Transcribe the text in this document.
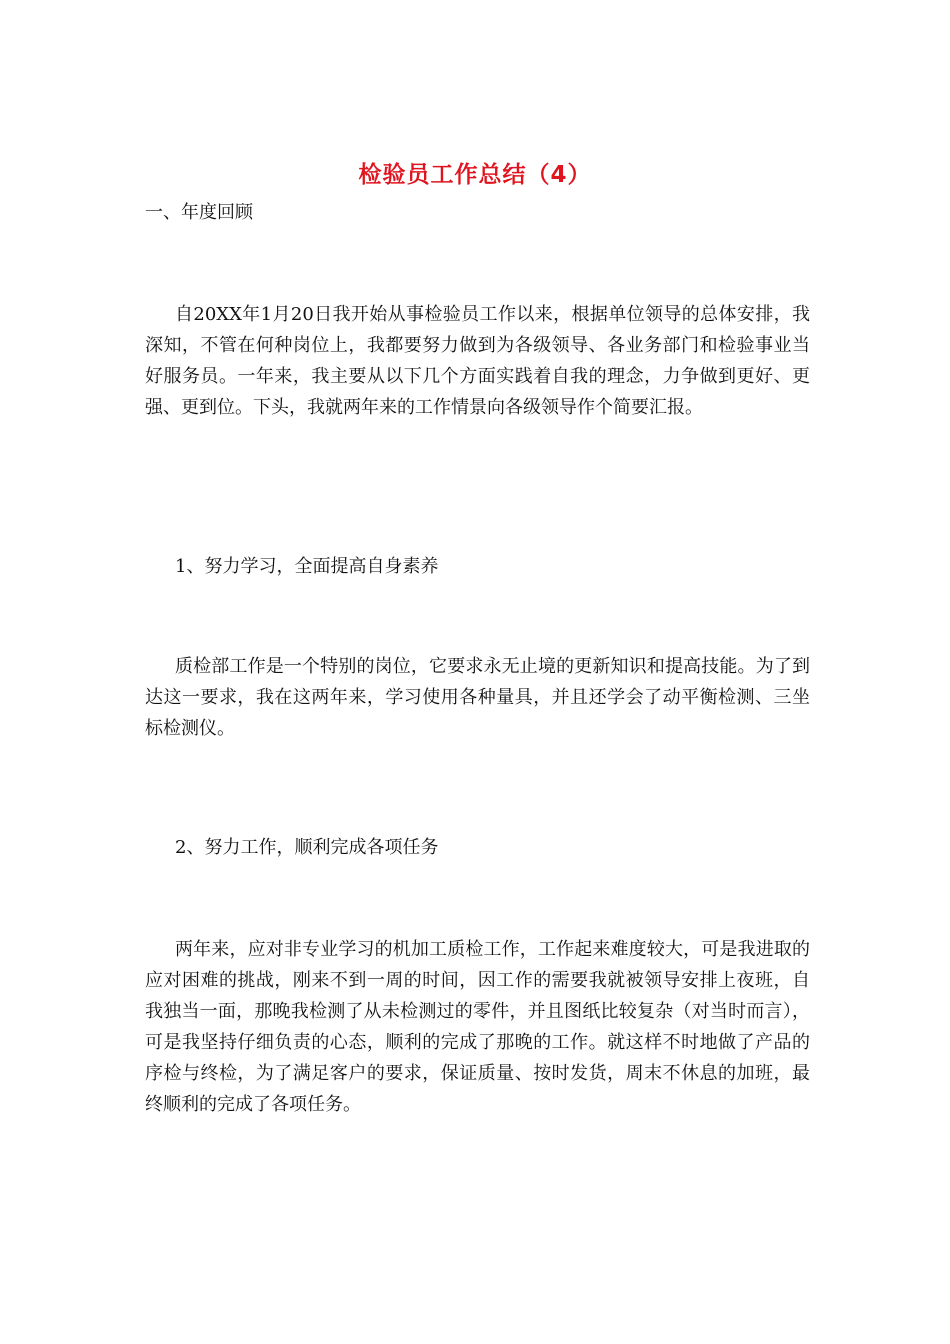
检验员工作总结（4）
一、年度回顾
自20XX年1月20日我开始从事检验员工作以来，根据单位领导的总体安排，我深知，不管在何种岗位上，我都要努力做到为各级领导、各业务部门和检验事业当好服务员。一年来，我主要从以下几个方面实践着自我的理念，力争做到更好、更强、更到位。下头，我就两年来的工作情景向各级领导作个简要汇报。
1、努力学习，全面提高自身素养
质检部工作是一个特别的岗位，它要求永无止境的更新知识和提高技能。为了到达这一要求，我在这两年来，学习使用各种量具，并且还学会了动平衡检测、三坐标检测仪。
2、努力工作，顺利完成各项任务
两年来，应对非专业学习的机加工质检工作，工作起来难度较大，可是我进取的应对困难的挑战，刚来不到一周的时间，因工作的需要我就被领导安排上夜班，自我独当一面，那晚我检测了从未检测过的零件，并且图纸比较复杂（对当时而言），可是我坚持仔细负责的心态，顺利的完成了那晚的工作。就这样不时地做了产品的序检与终检，为了满足客户的要求，保证质量、按时发货，周末不休息的加班，最终顺利的完成了各项任务。
